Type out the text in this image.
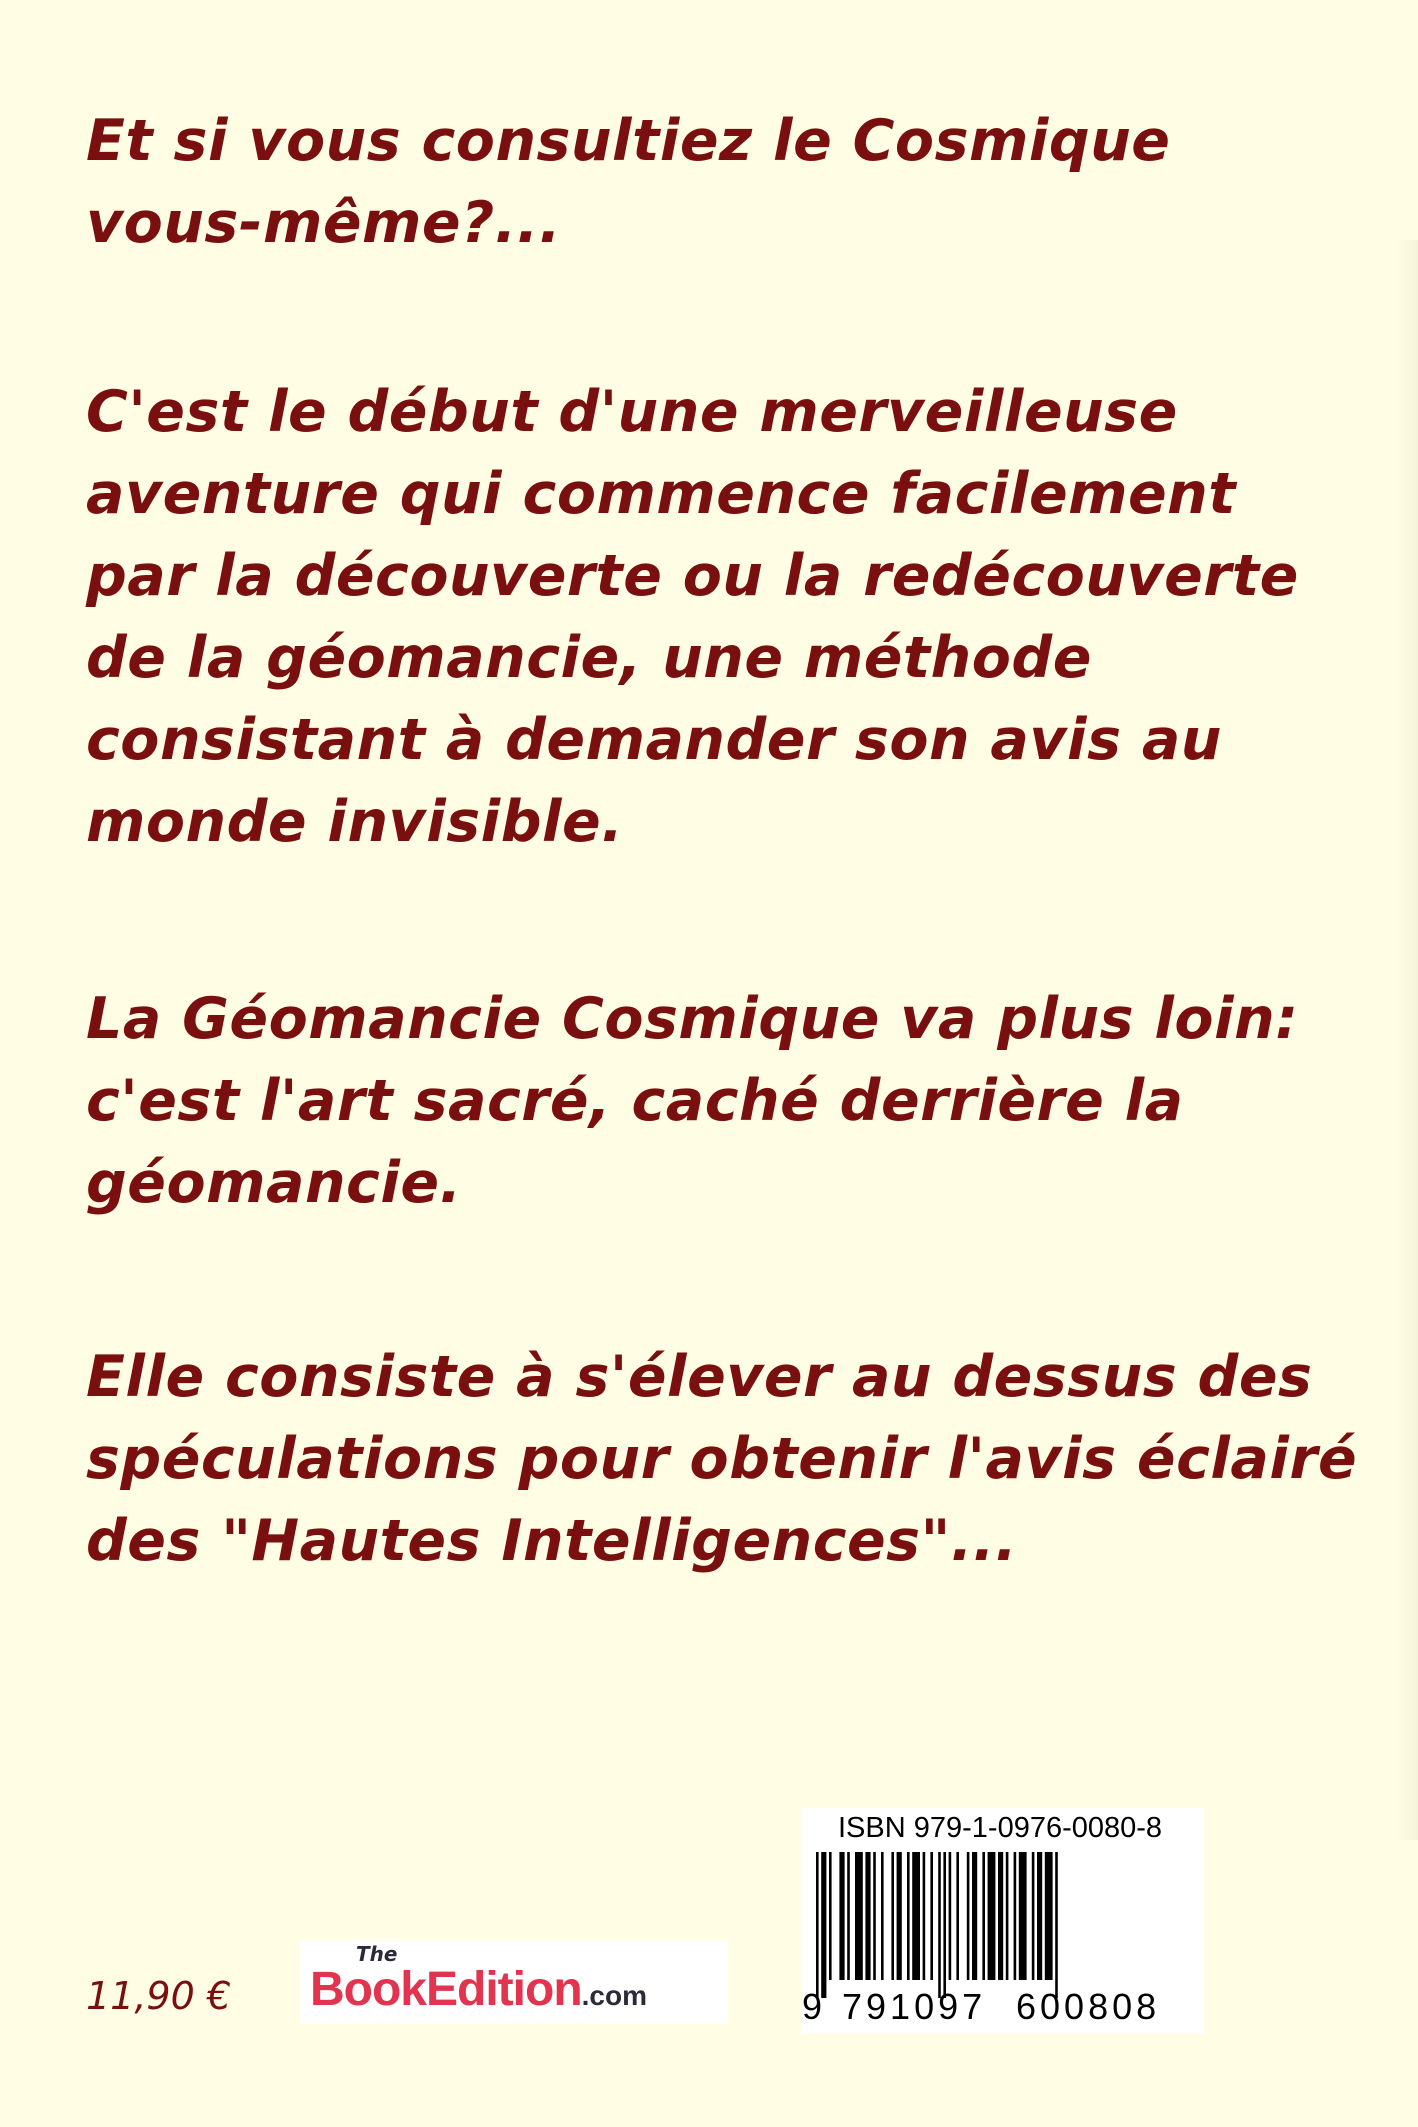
Et si vous consultiez le Cosmique
vous-même?...

C'est le début d'une merveilleuse
aventure qui commence facilement
par la découverte ou la redécouverte
de la géomancie, une méthode
consistant à demander son avis au
monde invisible.

La Géomancie Cosmique va plus loin:
c'est l'art sacré, caché derrière la
géomancie.

Elle consiste à s'élever au dessus des
spéculations pour obtenir l'avis éclairé
des "Hautes Intelligences"...

11,90 €
The
BookEdition.com
ISBN 979-1-0976-0080-8
9 791097 600808
